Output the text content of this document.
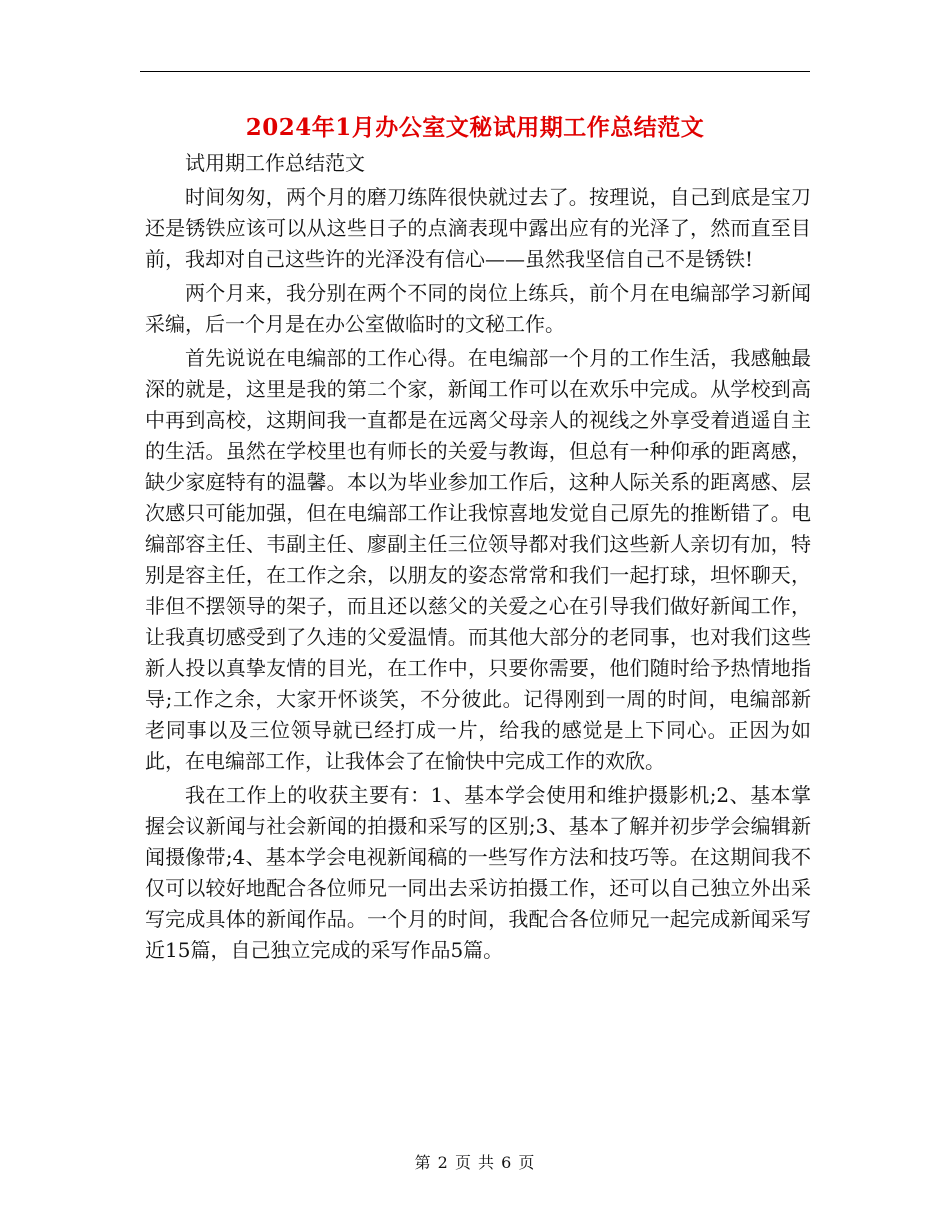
2024年1月办公室文秘试用期工作总结范文

试用期工作总结范文

时间匆匆，两个月的磨刀练阵很快就过去了。按理说，自己到底是宝刀还是锈铁应该可以从这些日子的点滴表现中露出应有的光泽了，然而直至目前，我却对自己这些许的光泽没有信心——虽然我坚信自己不是锈铁!

两个月来，我分别在两个不同的岗位上练兵，前个月在电编部学习新闻采编，后一个月是在办公室做临时的文秘工作。

首先说说在电编部的工作心得。在电编部一个月的工作生活，我感触最深的就是，这里是我的第二个家，新闻工作可以在欢乐中完成。从学校到高中再到高校，这期间我一直都是在远离父母亲人的视线之外享受着逍遥自主的生活。虽然在学校里也有师长的关爱与教诲，但总有一种仰承的距离感，缺少家庭特有的温馨。本以为毕业参加工作后，这种人际关系的距离感、层次感只可能加强，但在电编部工作让我惊喜地发觉自己原先的推断错了。电编部容主任、韦副主任、廖副主任三位领导都对我们这些新人亲切有加，特别是容主任，在工作之余，以朋友的姿态常常和我们一起打球，坦怀聊天，非但不摆领导的架子，而且还以慈父的关爱之心在引导我们做好新闻工作，让我真切感受到了久违的父爱温情。而其他大部分的老同事，也对我们这些新人投以真挚友情的目光，在工作中，只要你需要，他们随时给予热情地指导;工作之余，大家开怀谈笑，不分彼此。记得刚到一周的时间，电编部新老同事以及三位领导就已经打成一片，给我的感觉是上下同心。正因为如此，在电编部工作，让我体会了在愉快中完成工作的欢欣。

我在工作上的收获主要有：1、基本学会使用和维护摄影机;2、基本掌握会议新闻与社会新闻的拍摄和采写的区别;3、基本了解并初步学会编辑新闻摄像带;4、基本学会电视新闻稿的一些写作方法和技巧等。在这期间我不仅可以较好地配合各位师兄一同出去采访拍摄工作，还可以自己独立外出采写完成具体的新闻作品。一个月的时间，我配合各位师兄一起完成新闻采写近15篇，自己独立完成的采写作品5篇。

第 2 页 共 6 页
